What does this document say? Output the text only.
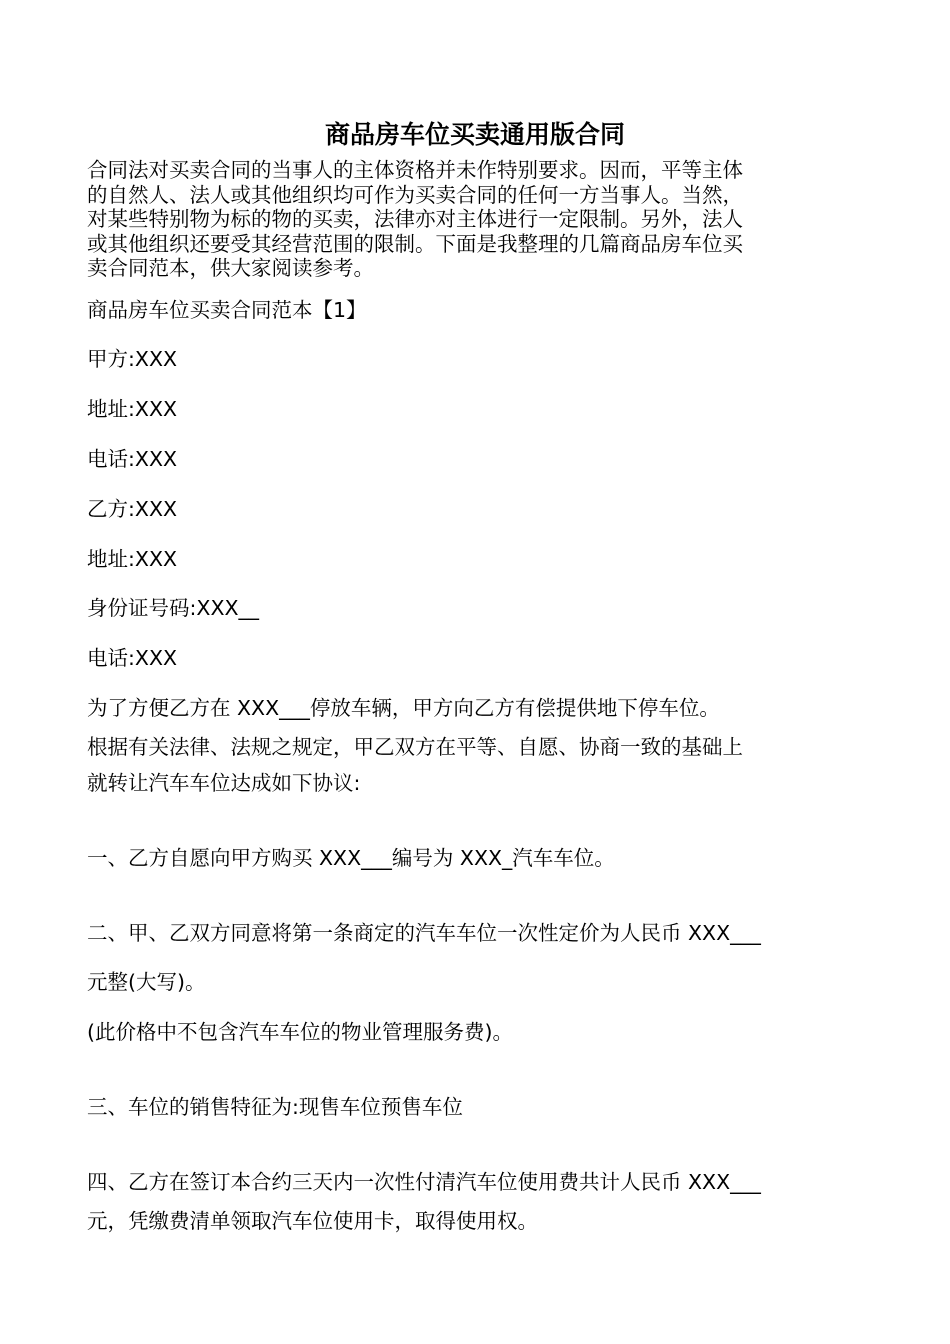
商品房车位买卖通用版合同
合同法对买卖合同的当事人的主体资格并未作特别要求。因而，平等主体
的自然人、法人或其他组织均可作为买卖合同的任何一方当事人。当然，
对某些特别物为标的物的买卖，法律亦对主体进行一定限制。另外，法人
或其他组织还要受其经营范围的限制。下面是我整理的几篇商品房车位买
卖合同范本，供大家阅读参考。
商品房车位买卖合同范本【1】
甲方:XXX
地址:XXX
电话:XXX
乙方:XXX
地址:XXX
身份证号码:XXX__
电话:XXX
为了方便乙方在 XXX___停放车辆，甲方向乙方有偿提供地下停车位。
根据有关法律、法规之规定，甲乙双方在平等、自愿、协商一致的基础上
就转让汽车车位达成如下协议:
一、乙方自愿向甲方购买 XXX___编号为 XXX_汽车车位。
二、甲、乙双方同意将第一条商定的汽车车位一次性定价为人民币 XXX___
元整(大写)。
(此价格中不包含汽车车位的物业管理服务费)。
三、车位的销售特征为:现售车位预售车位
四、乙方在签订本合约三天内一次性付清汽车位使用费共计人民币 XXX___
元，凭缴费清单领取汽车位使用卡，取得使用权。
